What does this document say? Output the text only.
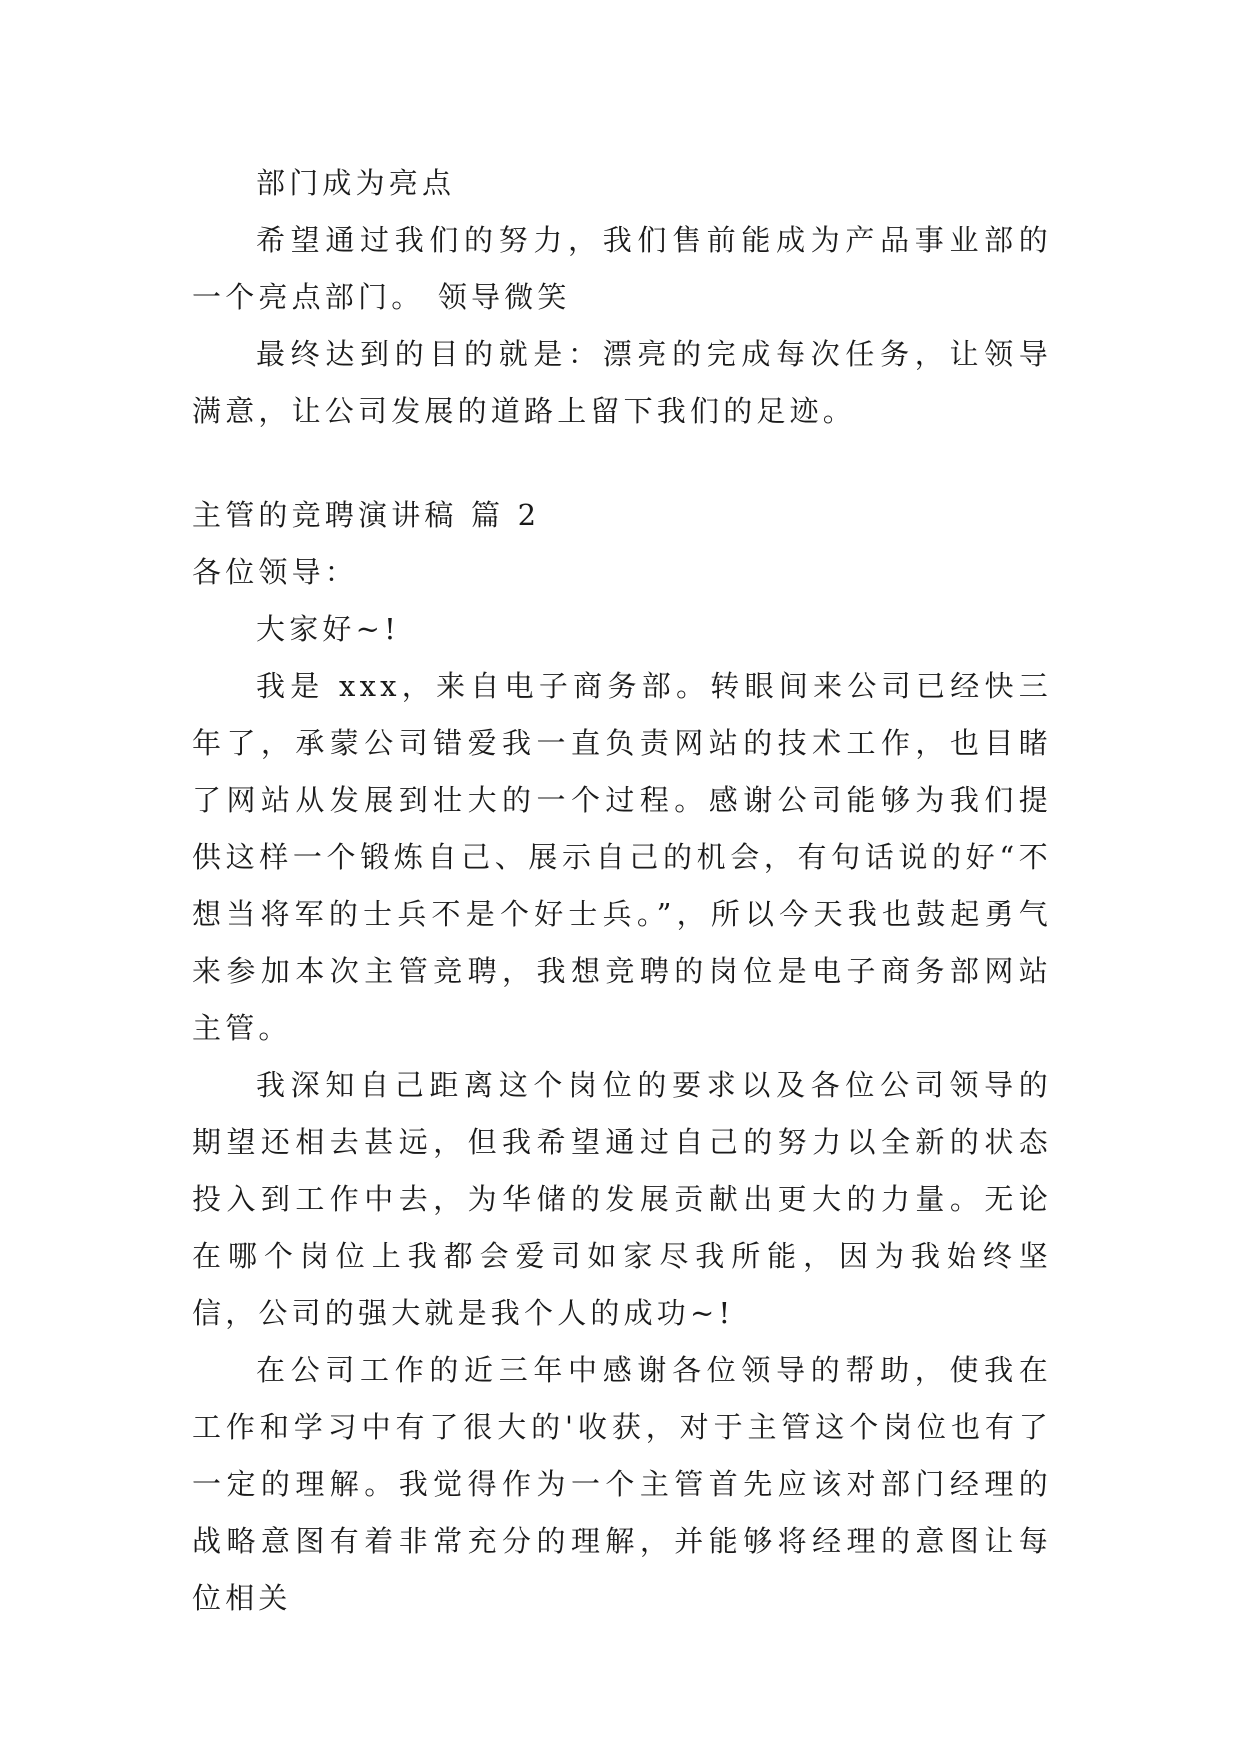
部门成为亮点

希望通过我们的努力，我们售前能成为产品事业部的一个亮点部门。 领导微笑

最终达到的目的就是：漂亮的完成每次任务，让领导满意，让公司发展的道路上留下我们的足迹。

主管的竞聘演讲稿 篇 2

各位领导：

大家好~!

我是 xxx，来自电子商务部。转眼间来公司已经快三年了，承蒙公司错爱我一直负责网站的技术工作，也目睹了网站从发展到壮大的一个过程。感谢公司能够为我们提供这样一个锻炼自己、展示自己的机会，有句话说的好“不想当将军的士兵不是个好士兵。”，所以今天我也鼓起勇气来参加本次主管竞聘，我想竞聘的岗位是电子商务部网站主管。

我深知自己距离这个岗位的要求以及各位公司领导的期望还相去甚远，但我希望通过自己的努力以全新的状态投入到工作中去，为华储的发展贡献出更大的力量。无论在哪个岗位上我都会爱司如家尽我所能，因为我始终坚信，公司的强大就是我个人的成功~!

在公司工作的近三年中感谢各位领导的帮助，使我在工作和学习中有了很大的'收获，对于主管这个岗位也有了一定的理解。我觉得作为一个主管首先应该对部门经理的战略意图有着非常充分的理解，并能够将经理的意图让每位相关
